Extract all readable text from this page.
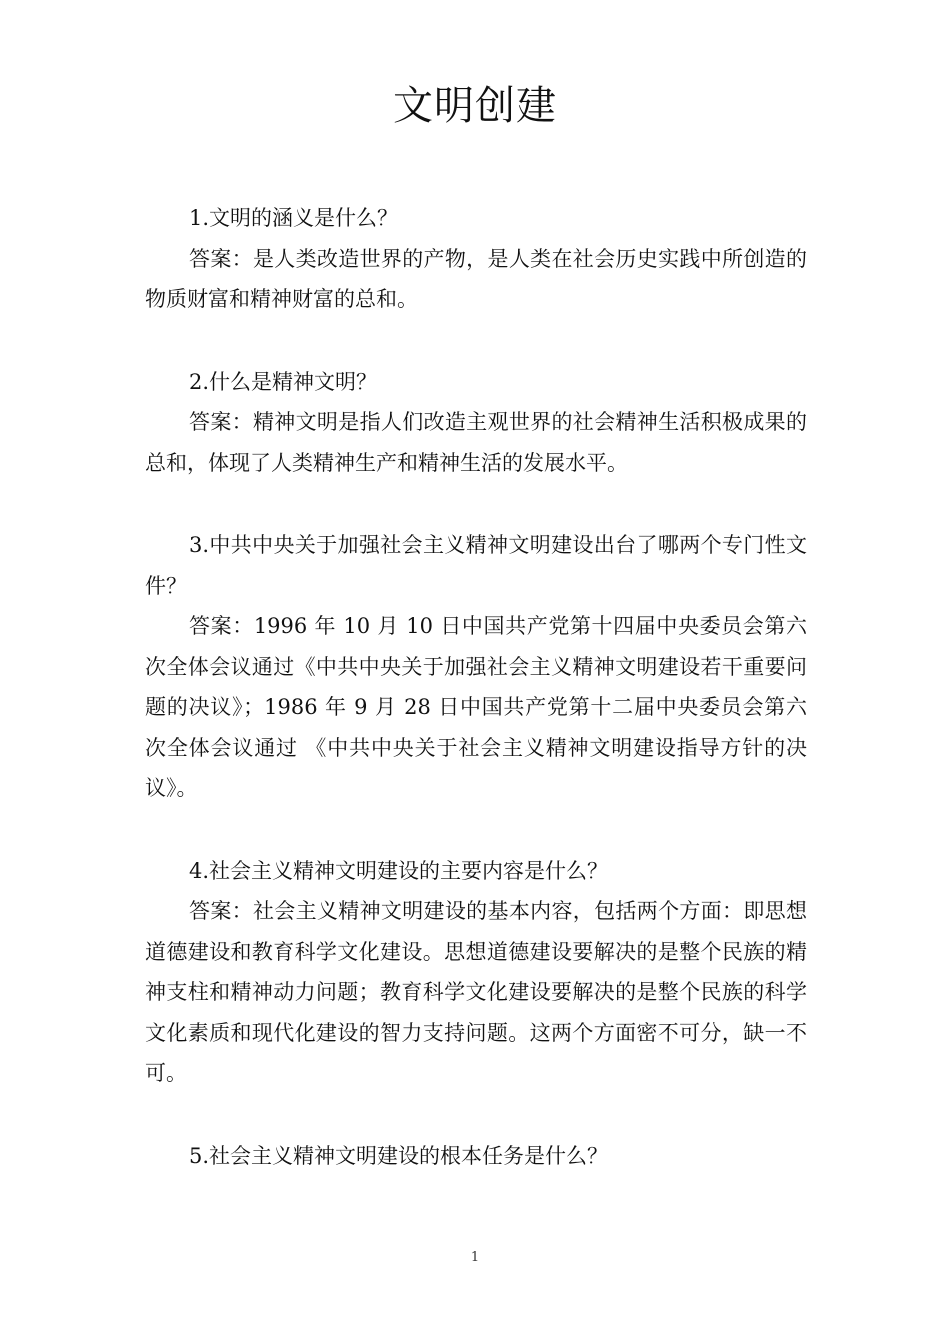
文明创建

1.文明的涵义是什么？

答案：是人类改造世界的产物，是人类在社会历史实践中所创造的物质财富和精神财富的总和。

2.什么是精神文明？

答案：精神文明是指人们改造主观世界的社会精神生活积极成果的总和，体现了人类精神生产和精神生活的发展水平。

3.中共中央关于加强社会主义精神文明建设出台了哪两个专门性文件？

答案：1996 年 10 月 10 日中国共产党第十四届中央委员会第六次全体会议通过《中共中央关于加强社会主义精神文明建设若干重要问题的决议》；1986 年 9 月 28 日中国共产党第十二届中央委员会第六次全体会议通过 《中共中央关于社会主义精神文明建设指导方针的决议》。

4.社会主义精神文明建设的主要内容是什么？

答案：社会主义精神文明建设的基本内容，包括两个方面：即思想道德建设和教育科学文化建设。思想道德建设要解决的是整个民族的精神支柱和精神动力问题；教育科学文化建设要解决的是整个民族的科学文化素质和现代化建设的智力支持问题。这两个方面密不可分，缺一不可。

5.社会主义精神文明建设的根本任务是什么？

1
